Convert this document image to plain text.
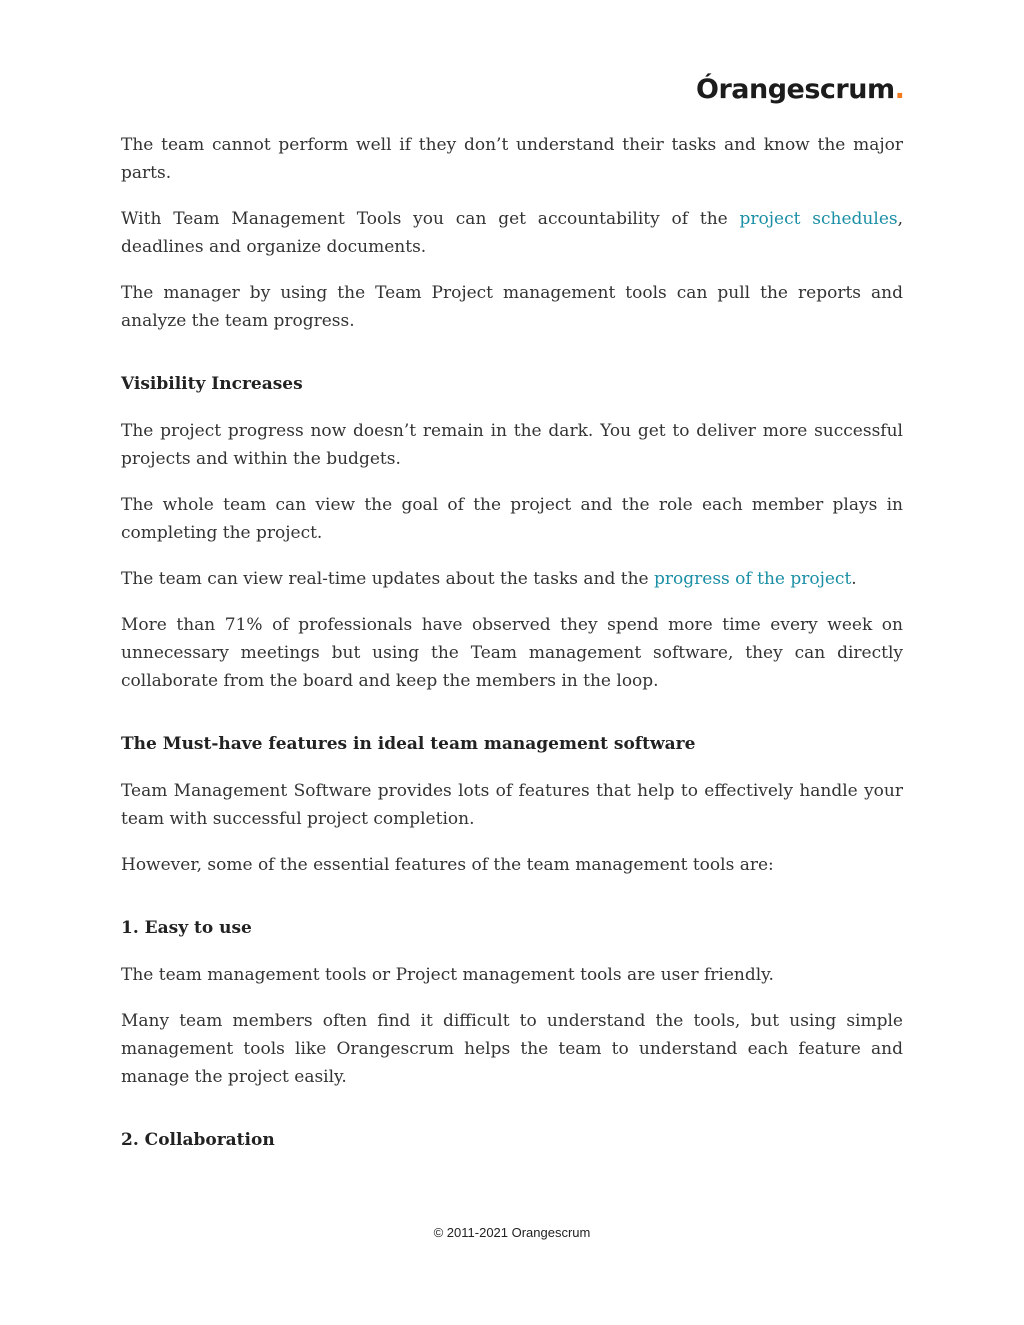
Órangescrum.

The team cannot perform well if they don’t understand their tasks and know the major parts.

With Team Management Tools you can get accountability of the project schedules, deadlines and organize documents.

The manager by using the Team Project management tools can pull the reports and analyze the team progress.

Visibility Increases

The project progress now doesn’t remain in the dark. You get to deliver more successful projects and within the budgets.

The whole team can view the goal of the project and the role each member plays in completing the project.

The team can view real-time updates about the tasks and the progress of the project.

More than 71% of professionals have observed they spend more time every week on unnecessary meetings but using the Team management software, they can directly collaborate from the board and keep the members in the loop.

The Must-have features in ideal team management software

Team Management Software provides lots of features that help to effectively handle your team with successful project completion.

However, some of the essential features of the team management tools are:

1. Easy to use

The team management tools or Project management tools are user friendly.

Many team members often find it difficult to understand the tools, but using simple management tools like Orangescrum helps the team to understand each feature and manage the project easily.

2. Collaboration
© 2011-2021 Orangescrum
